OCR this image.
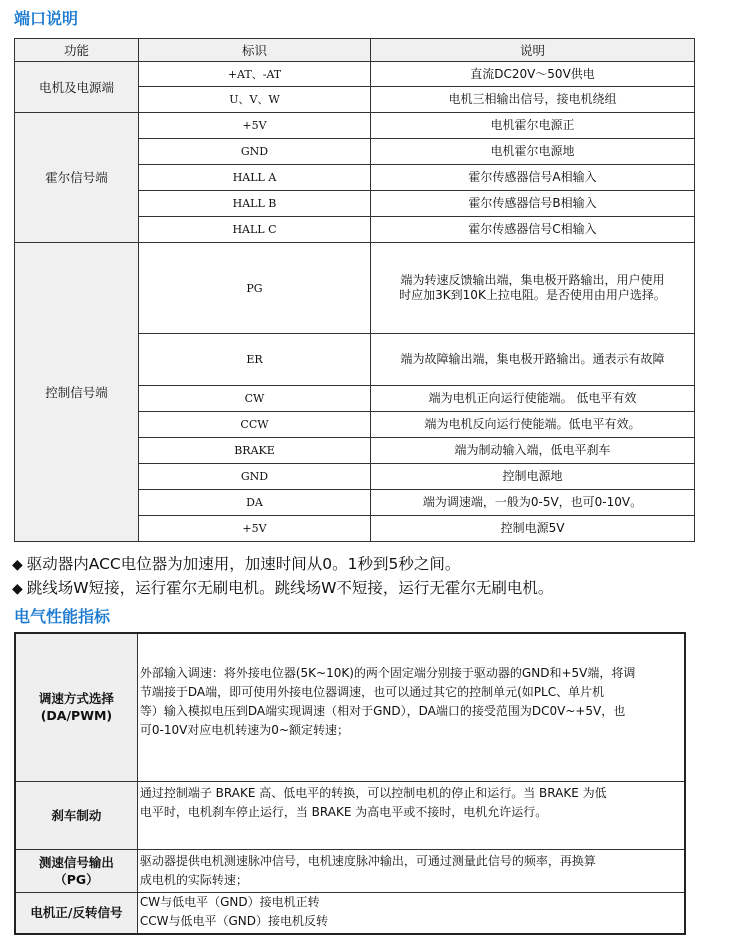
端口说明
功能	标识	说明
电机及电源端	+AT、-AT	直流DC20V～50V供电
	U、V、W	电机三相输出信号，接电机绕组
霍尔信号端	+5V	电机霍尔电源正
	GND	电机霍尔电源地
	HALL A	霍尔传感器信号A相输入
	HALL B	霍尔传感器信号B相输入
	HALL C	霍尔传感器信号C相输入
控制信号端	PG	端为转速反馈输出端，集电极开路输出，用户使用
时应加3K到10K上拉电阻。是否使用由用户选择。

	ER	端为故障输出端，集电极开路输出。通表示有故障
	CW	端为电机正向运行使能端。 低电平有效
	CCW	端为电机反向运行使能端。低电平有效。
	BRAKE	端为制动输入端，低电平刹车
	GND	控制电源地
	DA	端为调速端，一般为0-5V，也可0-10V。
	+5V	控制电源5V
◆ 驱动器内ACC电位器为加速用，加速时间从0。1秒到5秒之间。
◆ 跳线场W短接，运行霍尔无刷电机。跳线场W不短接，运行无霍尔无刷电机。
电气性能指标
调速方式选择
(DA/PWM)	外部输入调速：将外接电位器(5K~10K)的两个固定端分别接于驱动器的GND和+5V端，将调
节端接于DA端，即可使用外接电位器调速，也可以通过其它的控制单元(如PLC、单片机
等）输入模拟电压到DA端实现调速（相对于GND），DA端口的接受范围为DC0V~+5V，也
可0-10V对应电机转速为0~额定转速；

刹车制动	通过控制端子 BRAKE 高、低电平的转换，可以控制电机的停止和运行。当 BRAKE 为低
电平时，电机刹车停止运行，当 BRAKE 为高电平或不接时，电机允许运行。

测速信号输出
（PG）	驱动器提供电机测速脉冲信号，电机速度脉冲输出，可通过测量此信号的频率，再换算
成电机的实际转速；

电机正/反转信号	CW与低电平（GND）接电机正转
CCW与低电平（GND）接电机反转
